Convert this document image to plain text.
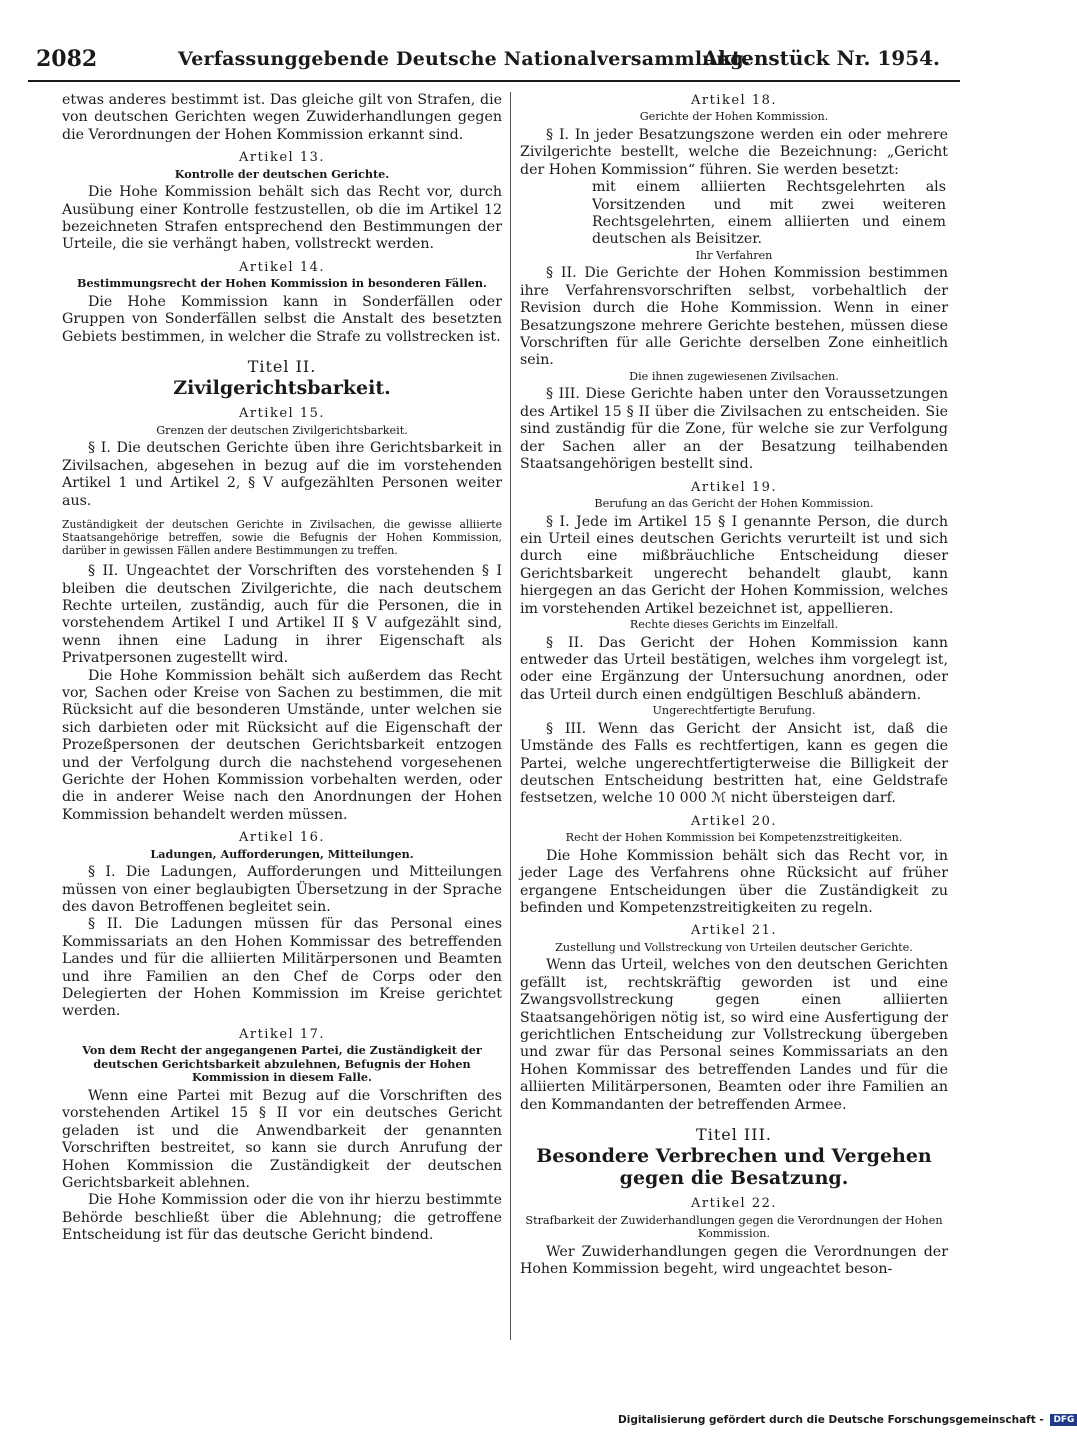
2082	Verfassunggebende Deutsche Nationalversammlung.
Aktenstück Nr. 1954.

etwas anderes bestimmt ist. Das gleiche gilt von Strafen, die von deutschen Gerichten wegen Zuwiderhandlungen gegen die Verordnungen der Hohen Kommission erkannt sind.

Artikel 13.
Kontrolle der deutschen Gerichte.

Die Hohe Kommission behält sich das Recht vor, durch Ausübung einer Kontrolle festzustellen, ob die im Artikel 12 bezeichneten Strafen entsprechend den Bestimmungen der Urteile, die sie verhängt haben, vollstreckt werden.

Artikel 14.
Bestimmungsrecht der Hohen Kommission in besonderen Fällen.

Die Hohe Kommission kann in Sonderfällen oder Gruppen von Sonderfällen selbst die Anstalt des besetzten Gebiets bestimmen, in welcher die Strafe zu vollstrecken ist.

Titel II.
Zivilgerichtsbarkeit.
Artikel 15.
Grenzen der deutschen Zivilgerichtsbarkeit.

§ I. Die deutschen Gerichte üben ihre Gerichtsbarkeit in Zivilsachen, abgesehen in bezug auf die im vorstehenden Artikel 1 und Artikel 2, § V aufgezählten Personen weiter aus.

Zuständigkeit der deutschen Gerichte in Zivilsachen, die gewisse alliierte Staatsangehörige betreffen, sowie die Befugnis der Hohen Kommission, darüber in gewissen Fällen andere Bestimmungen zu treffen.

§ II. Ungeachtet der Vorschriften des vorstehenden § I bleiben die deutschen Zivilgerichte, die nach deutschem Rechte urteilen, zuständig, auch für die Personen, die in vorstehendem Artikel I und Artikel II § V aufgezählt sind, wenn ihnen eine Ladung in ihrer Eigenschaft als Privatpersonen zugestellt wird.

Die Hohe Kommission behält sich außerdem das Recht vor, Sachen oder Kreise von Sachen zu bestimmen, die mit Rücksicht auf die besonderen Umstände, unter welchen sie sich darbieten oder mit Rücksicht auf die Eigenschaft der Prozeßpersonen der deutschen Gerichtsbarkeit entzogen und der Verfolgung durch die nachstehend vorgesehenen Gerichte der Hohen Kommission vorbehalten werden, oder die in anderer Weise nach den Anordnungen der Hohen Kommission behandelt werden müssen.

Artikel 16.
Ladungen, Aufforderungen, Mitteilungen.

§ I. Die Ladungen, Aufforderungen und Mitteilungen müssen von einer beglaubigten Übersetzung in der Sprache des davon Betroffenen begleitet sein.

§ II. Die Ladungen müssen für das Personal eines Kommissariats an den Hohen Kommissar des betreffenden Landes und für die alliierten Militärpersonen und Beamten und ihre Familien an den Chef de Corps oder den Delegierten der Hohen Kommission im Kreise gerichtet werden.

Artikel 17.
Von dem Recht der angegangenen Partei, die Zuständigkeit der deutschen Gerichtsbarkeit abzulehnen, Befugnis der Hohen Kommission in diesem Falle.

Wenn eine Partei mit Bezug auf die Vorschriften des vorstehenden Artikel 15 § II vor ein deutsches Gericht geladen ist und die Anwendbarkeit der genannten Vorschriften bestreitet, so kann sie durch Anrufung der Hohen Kommission die Zuständigkeit der deutschen Gerichtsbarkeit ablehnen.

Die Hohe Kommission oder die von ihr hierzu bestimmte Behörde beschließt über die Ablehnung; die getroffene Entscheidung ist für das deutsche Gericht bindend.

Artikel 18.
Gerichte der Hohen Kommission.

§ I. In jeder Besatzungszone werden ein oder mehrere Zivilgerichte bestellt, welche die Bezeichnung: „Gericht der Hohen Kommission“ führen. Sie werden besetzt:

mit einem alliierten Rechtsgelehrten als Vorsitzenden und mit zwei weiteren Rechtsgelehrten, einem alliierten und einem deutschen als Beisitzer.

Ihr Verfahren

§ II. Die Gerichte der Hohen Kommission bestimmen ihre Verfahrensvorschriften selbst, vorbehaltlich der Revision durch die Hohe Kommission. Wenn in einer Besatzungszone mehrere Gerichte bestehen, müssen diese Vorschriften für alle Gerichte derselben Zone einheitlich sein.

Die ihnen zugewiesenen Zivilsachen.

§ III. Diese Gerichte haben unter den Voraussetzungen des Artikel 15 § II über die Zivilsachen zu entscheiden. Sie sind zuständig für die Zone, für welche sie zur Verfolgung der Sachen aller an der Besatzung teilhabenden Staatsangehörigen bestellt sind.

Artikel 19.
Berufung an das Gericht der Hohen Kommission.

§ I. Jede im Artikel 15 § I genannte Person, die durch ein Urteil eines deutschen Gerichts verurteilt ist und sich durch eine mißbräuchliche Entscheidung dieser Gerichtsbarkeit ungerecht behandelt glaubt, kann hiergegen an das Gericht der Hohen Kommission, welches im vorstehenden Artikel bezeichnet ist, appellieren.

Rechte dieses Gerichts im Einzelfall.

§ II. Das Gericht der Hohen Kommission kann entweder das Urteil bestätigen, welches ihm vorgelegt ist, oder eine Ergänzung der Untersuchung anordnen, oder das Urteil durch einen endgültigen Beschluß abändern.

Ungerechtfertigte Berufung.

§ III. Wenn das Gericht der Ansicht ist, daß die Umstände des Falls es rechtfertigen, kann es gegen die Partei, welche ungerechtfertigterweise die Billigkeit der deutschen Entscheidung bestritten hat, eine Geldstrafe festsetzen, welche 10 000 ℳ nicht übersteigen darf.

Artikel 20.
Recht der Hohen Kommission bei Kompetenzstreitigkeiten.

Die Hohe Kommission behält sich das Recht vor, in jeder Lage des Verfahrens ohne Rücksicht auf früher ergangene Entscheidungen über die Zuständigkeit zu befinden und Kompetenzstreitigkeiten zu regeln.

Artikel 21.
Zustellung und Vollstreckung von Urteilen deutscher Gerichte.

Wenn das Urteil, welches von den deutschen Gerichten gefällt ist, rechtskräftig geworden ist und eine Zwangsvollstreckung gegen einen alliierten Staatsangehörigen nötig ist, so wird eine Ausfertigung der gerichtlichen Entscheidung zur Vollstreckung übergeben und zwar für das Personal seines Kommissariats an den Hohen Kommissar des betreffenden Landes und für die alliierten Militärpersonen, Beamten oder ihre Familien an den Kommandanten der betreffenden Armee.

Titel III.
Besondere Verbrechen und Vergehen gegen die Besatzung.
Artikel 22.
Strafbarkeit der Zuwiderhandlungen gegen die Verordnungen der Hohen Kommission.

Wer Zuwiderhandlungen gegen die Verordnungen der Hohen Kommission begeht, wird ungeachtet beson-

Digitalisierung gefördert durch die Deutsche Forschungsgemeinschaft - DFG
